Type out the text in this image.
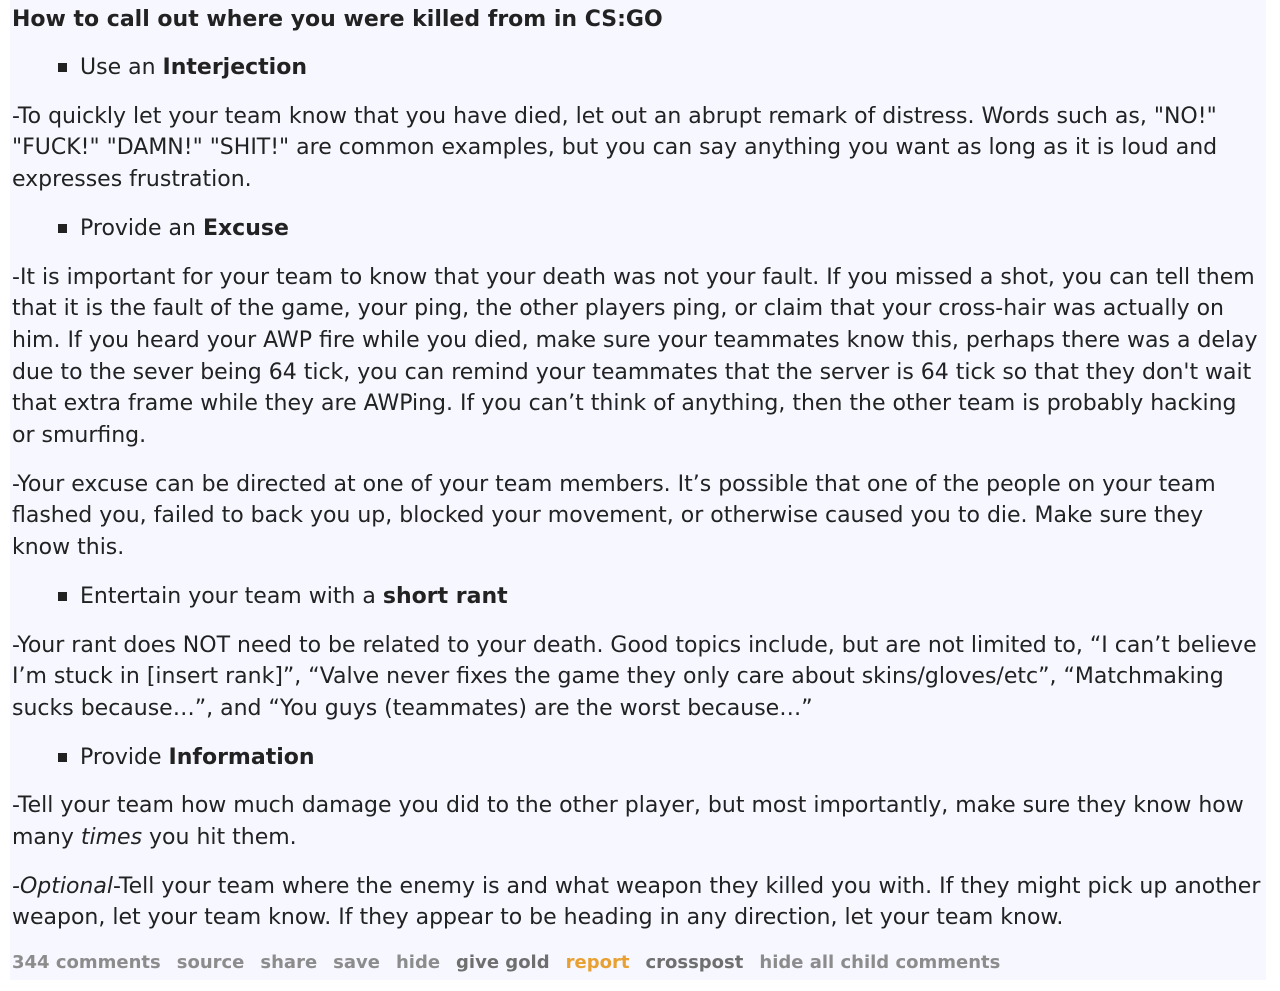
How to call out where you were killed from in CS:GO
Use an
Interjection

-To quickly let your team know that you have died, let out an abrupt remark of distress. Words such as, "NO!" "FUCK!" "DAMN!" "SHIT!" are common examples, but you can say anything you want as long as it is loud and expresses frustration.

Provide an
Excuse

-It is important for your team to know that your death was not your fault. If you missed a shot, you can tell them that it is the fault of the game, your ping, the other players ping, or claim that your cross-hair was actually on him. If you heard your AWP fire while you died, make sure your teammates know this, perhaps there was a delay due to the sever being 64 tick, you can remind your teammates that the server is 64 tick so that they don't wait that extra frame while they are AWPing. If you can’t think of anything, then the other team is probably hacking or smurfing.

-Your excuse can be directed at one of your team members. It’s possible that one of the people on your team flashed you, failed to back you up, blocked your movement, or otherwise caused you to die. Make sure they know this.

Entertain your team with a
short rant

-Your rant does NOT need to be related to your death. Good topics include, but are not limited to, “I can’t believe I’m stuck in [insert rank]”, “Valve never fixes the game they only care about skins/gloves/etc”, “Matchmaking sucks because…”, and “You guys (teammates) are the worst because…”

Provide
Information

-Tell your team how much damage you did to the other player, but most importantly, make sure they know how many times you hit them.

-Optional-Tell your team where the enemy is and what weapon they killed you with. If they might pick up another weapon, let your team know. If they appear to be heading in any direction, let your team know.

344 comments source share save hide give gold report crosspost hide all child comments
